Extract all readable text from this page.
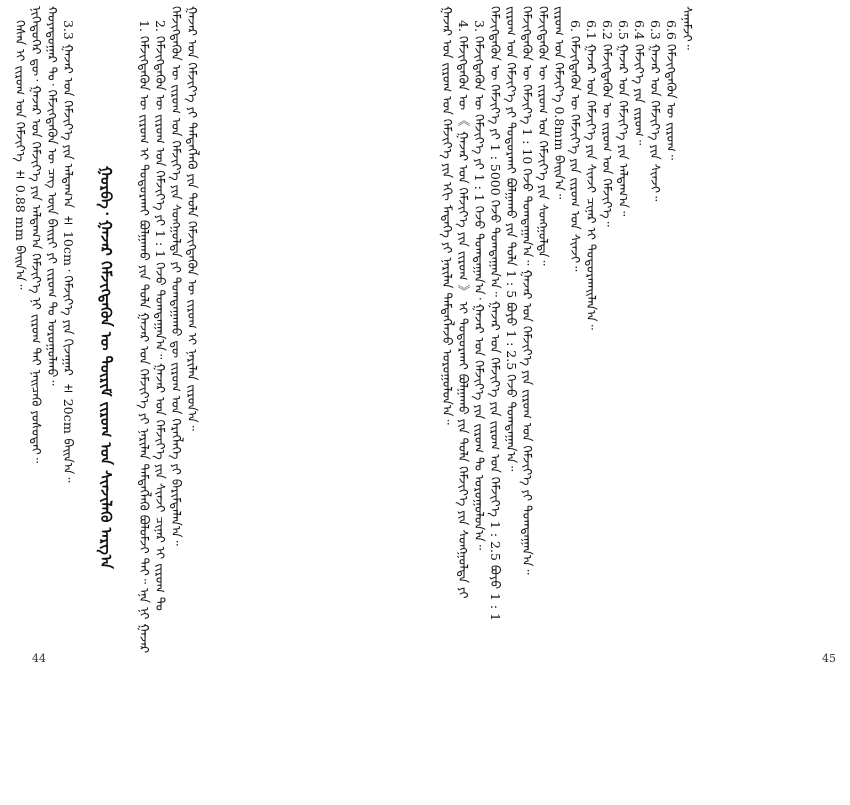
ᠭᠡᠰᠡᠨ ᠢ ᠵᠢᠷᠤᠭ ᠤᠨ ᠬᠡᠮᠵᠢᠶ᠎ᠡ ± 0.88 mm ᠪᠠᠢᠨ᠎ᠠ᠃ ᠨᠢᠭᠡᠳᠦᠭᠡᠷ ᠳᠦ᠂ ᠭᠠᠵᠠᠷ ᠤᠨ ᠬᠡᠮᠵᠢᠶ᠎ᠡ ᠶᠢᠨ ᠠᠯᠳᠠᠭ᠎ᠠ ᠬᠡᠮᠵᠢᠶ᠎ᠡ ᠨᠢ ᠵᠢᠷᠤᠭ ᠲᠠᠢ ᠨᠡᠢᠴᠡᠬᠦ ᠶᠣᠰᠣᠲᠠᠢ᠃ ᠬᠣᠶᠠᠳᠤᠭᠠᠷ ᠲᠤ᠂ ᠬᠡᠮᠵᠢᠭᠳᠡᠭᠦᠨ ᠦ ᠴᠡᠭ ᠦᠨ ᠪᠠᠢᠷᠢ ᠶᠢ ᠵᠢᠷᠤᠭ ᠲᠤ ᠣᠷᠣᠭᠤᠯᠬᠤ᠃ 3.3 ᠭᠠᠵᠠᠷ ᠤᠨ ᠬᠡᠮᠵᠢᠶ᠎ᠡ ᠶᠢᠨ ᠠᠯᠳᠠᠭ᠎ᠠ ± 10cm᠂ ᠬᠡᠮᠵᠢᠶ᠎ᠡ ᠶᠢᠨ ᠬᠢᠵᠠᠭᠠᠷ ± 20cm ᠪᠠᠢᠨ᠎ᠠ᠃ ᠭᠤᠷᠪᠠ᠂ ᠭᠠᠵᠠᠷ ᠬᠡᠮᠵᠢᠭᠳᠡᠭᠦᠨ ᠦ ᠳᠦᠷᠢᠮ ᠵᠢᠷᠤᠭ ᠤᠨ ᠰᠢᠨᠵᠢᠯᠡᠬᠦ ᠠᠷᠭ᠎ᠠ
1. ᠬᠡᠮᠵᠢᠭᠳᠡᠭᠦᠨ ᠦ ᠵᠢᠷᠤᠭ ᠢ ᠲᠣᠳᠣᠷᠬᠠᠢ ᠪᠣᠯᠭᠠᠬᠤ ᠶᠢᠨ ᠲᠤᠯᠠ ᠭᠠᠵᠠᠷ ᠤᠨ ᠬᠡᠮᠵᠢᠶ᠎ᠡ ᠶᠢ ᠨᠠᠷᠢᠯᠠᠨ ᠲᠡᠮᠳᠡᠭᠯᠡᠬᠦ ᠪᠣᠯᠤᠮᠵᠢ ᠲᠠᠢ᠃ ᠡᠨᠡ ᠨᠢ ᠭᠠᠵᠠᠷ
2. ᠬᠡᠮᠵᠢᠭᠳᠡᠭᠦᠨ ᠦ ᠵᠢᠷᠤᠭ ᠤᠨ ᠬᠡᠮᠵᠢᠶ᠎ᠡ ᠶᠢ 1 : 1 ᠭᠡᠵᠦ ᠲᠣᠭᠲᠠᠭᠠᠨ᠎ᠠ᠃ ᠭᠠᠵᠠᠷ ᠤᠨ ᠬᠡᠮᠵᠢᠶ᠎ᠡ ᠶᠢᠨ ᠰᠢᠨᠵᠢ ᠴᠢᠨᠠᠷ ᠢ ᠵᠢᠷᠤᠭ ᠲᠤ
ᠬᠡᠮᠵᠢᠭᠳᠡᠭᠦᠨ ᠦ ᠵᠢᠷᠤᠭ ᠤᠨ ᠬᠡᠮᠵᠢᠶ᠎ᠡ ᠶᠢᠨ ᠰᠣᠩᠭᠣᠯᠲᠠ ᠶᠢ ᠲᠣᠭᠲᠠᠭᠠᠬᠤ ᠳᠦ ᠵᠢᠷᠤᠭ ᠤᠨ ᠬᠡᠷᠡᠭᠯᠡᠭᠡ ᠶᠢ ᠪᠠᠷᠢᠮᠲᠠᠯᠠᠨ᠎ᠠ᠃ ᠭᠠᠵᠠᠷ ᠤᠨ ᠬᠡᠮᠵᠢᠶ᠎ᠡ ᠶᠢ ᠲᠡᠮᠳᠡᠭᠯᠡᠬᠦ ᠶᠢᠨ ᠲᠤᠯᠠ ᠬᠡᠮᠵᠢᠭᠳᠡᠭᠦᠨ ᠦ ᠵᠢᠷᠤᠭ ᠢ ᠨᠠᠷᠢᠯᠠᠨ ᠵᠢᠷᠤᠨ᠎ᠠ᠃
44
ᠭᠠᠵᠠᠷ ᠤᠨ ᠵᠢᠷᠤᠭ ᠤᠨ ᠬᠡᠮᠵᠢᠶ᠎ᠡ ᠶᠢᠨ ᠡᠬᠢ ᠮᠡᠳᠡᠭᠡ ᠶᠢ ᠨᠠᠷᠢᠯᠠᠨ ᠲᠡᠮᠳᠡᠭᠯᠡᠵᠦ ᠣᠷᠣᠭᠤᠯᠤᠨ᠎ᠠ᠃ 4. ᠬᠡᠮᠵᠢᠭᠳᠡᠭᠦᠨ ᠦ 《 ᠭᠠᠵᠠᠷ ᠤᠨ ᠬᠡᠮᠵᠢᠶ᠎ᠡ ᠶᠢᠨ ᠵᠢᠷᠤᠭ 》 ᠢ ᠲᠣᠳᠣᠷᠬᠠᠢ ᠪᠣᠯᠭᠠᠬᠤ ᠶᠢᠨ ᠲᠤᠯᠠ ᠬᠡᠮᠵᠢᠶ᠎ᠡ ᠶᠢᠨ ᠰᠣᠩᠭᠣᠯᠲᠠ ᠶᠢ
3. ᠬᠡᠮᠵᠢᠭᠳᠡᠭᠦᠨ ᠦ ᠬᠡᠮᠵᠢᠶ᠎ᠡ ᠶᠢ 1 : 1 ᠭᠡᠵᠦ ᠲᠣᠭᠲᠠᠭᠠᠨ᠎ᠠ᠂ ᠭᠠᠵᠠᠷ ᠤᠨ ᠬᠡᠮᠵᠢᠶ᠎ᠡ ᠶᠢᠨ ᠵᠢᠷᠤᠭ ᠲᠤ ᠣᠷᠣᠭᠤᠯᠤᠨ᠎ᠠ᠃ ᠬᠡᠮᠵᠢᠭᠳᠡᠭᠦᠨ ᠦ ᠬᠡᠮᠵᠢᠶ᠎ᠡ ᠶᠢ 1 : 5000 ᠭᠡᠵᠦ ᠲᠣᠭᠲᠠᠭᠠᠨ᠎ᠠ᠃ ᠭᠠᠵᠠᠷ ᠤᠨ ᠬᠡᠮᠵᠢᠶ᠎ᠡ ᠶᠢᠨ ᠵᠢᠷᠤᠭ ᠤᠨ ᠬᠡᠮᠵᠢᠶ᠎ᠡ 1 : 2.5 ᠪᠤᠶᠤ 1 : 1
ᠵᠢᠷᠤᠭ ᠤᠨ ᠬᠡᠮᠵᠢᠶ᠎ᠡ ᠶᠢ ᠲᠣᠳᠣᠷᠬᠠᠢ ᠪᠣᠯᠭᠠᠬᠤ ᠶᠢᠨ ᠲᠤᠯᠠ 1 : 5 ᠪᠤᠶᠤ 1 : 2.5 ᠭᠡᠵᠦ ᠲᠣᠭᠲᠠᠭᠠᠨ᠎ᠠ᠃ ᠬᠡᠮᠵᠢᠭᠳᠡᠭᠦᠨ ᠦ ᠬᠡᠮᠵᠢᠶ᠎ᠡ 1 : 10 ᠭᠡᠵᠦ ᠲᠣᠭᠲᠠᠭᠠᠨ᠎ᠠ᠃ ᠭᠠᠵᠠᠷ ᠤᠨ ᠬᠡᠮᠵᠢᠶ᠎ᠡ ᠶᠢᠨ ᠵᠢᠷᠤᠭ ᠤᠨ ᠬᠡᠮᠵᠢᠶ᠎ᠡ ᠶᠢ ᠲᠣᠭᠲᠠᠭᠠᠨ᠎ᠠ᠃ ᠬᠡᠮᠵᠢᠭᠳᠡᠭᠦᠨ ᠦ ᠵᠢᠷᠤᠭ ᠤᠨ ᠬᠡᠮᠵᠢᠶ᠎ᠡ ᠶᠢᠨ ᠰᠣᠩᠭᠣᠯᠲᠠ᠃ ᠵᠢᠷᠤᠭ ᠤᠨ ᠬᠡᠮᠵᠢᠶ᠎ᠡ 0.8mm ᠪᠠᠢᠨ᠎ᠠ᠃ 6. ᠬᠡᠮᠵᠢᠭᠳᠡᠭᠦᠨ ᠦ ᠬᠡᠮᠵᠢᠶ᠎ᠡ ᠶᠢᠨ ᠵᠢᠷᠤᠭ ᠤᠨ ᠰᠢᠨᠵᠢ᠃ 6.1 ᠭᠠᠵᠠᠷ ᠤᠨ ᠬᠡᠮᠵᠢᠶ᠎ᠡ ᠶᠢᠨ ᠰᠢᠨᠵᠢ ᠴᠢᠨᠠᠷ ᠢ ᠲᠣᠳᠣᠷᠬᠠᠢᠯᠠᠨ᠎ᠠ᠃ 6.2 ᠬᠡᠮᠵᠢᠭᠳᠡᠭᠦᠨ ᠦ ᠵᠢᠷᠤᠭ ᠤᠨ ᠬᠡᠮᠵᠢᠶ᠎ᠡ᠃ 6.5 ᠭᠠᠵᠠᠷ ᠤᠨ ᠬᠡᠮᠵᠢᠶ᠎ᠡ ᠶᠢᠨ ᠠᠯᠳᠠᠭ᠎ᠠ᠃ 6.4 ᠬᠡᠮᠵᠢᠶ᠎ᠡ ᠶᠢᠨ ᠵᠢᠷᠤᠭ᠃ 6.3 ᠭᠠᠵᠠᠷ ᠤᠨ ᠬᠡᠮᠵᠢᠶ᠎ᠡ ᠶᠢᠨ ᠰᠢᠨᠵᠢ᠃ 6.6 ᠬᠡᠮᠵᠢᠭᠳᠡᠭᠦᠨ ᠦ ᠵᠢᠷᠤᠭ᠃ ᠰᠠᠨᠠᠮᠵᠢ᠃
45
